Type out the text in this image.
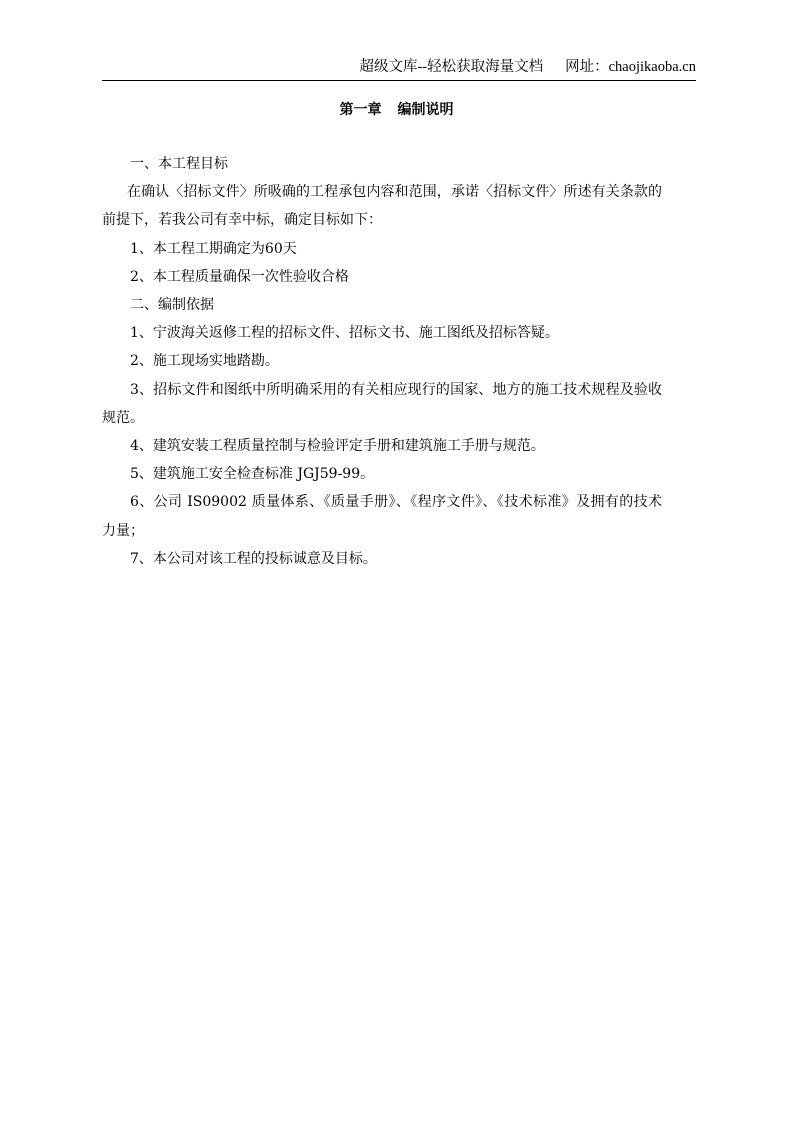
超级文库--轻松获取海量文档 网址：chaojikaoba.cn
第一章 编制说明

一、本工程目标

在确认〈招标文件〉所吸确的工程承包内容和范围，承诺〈招标文件〉所述有关条款的前提下，若我公司有幸中标，确定目标如下：

1、本工程工期确定为60天

2、本工程质量确保一次性验收合格

二、编制依据

1、宁波海关返修工程的招标文件、招标文书、施工图纸及招标答疑。

2、施工现场实地踏勘。

3、招标文件和图纸中所明确采用的有关相应现行的国家、地方的施工技术规程及验收规范。

4、建筑安装工程质量控制与检验评定手册和建筑施工手册与规范。

5、建筑施工安全检查标准 JGJ59-99。

6、公司 IS09002 质量体系、《质量手册》、《程序文件》、《技术标准》及拥有的技术力量；

7、本公司对该工程的投标诚意及目标。
